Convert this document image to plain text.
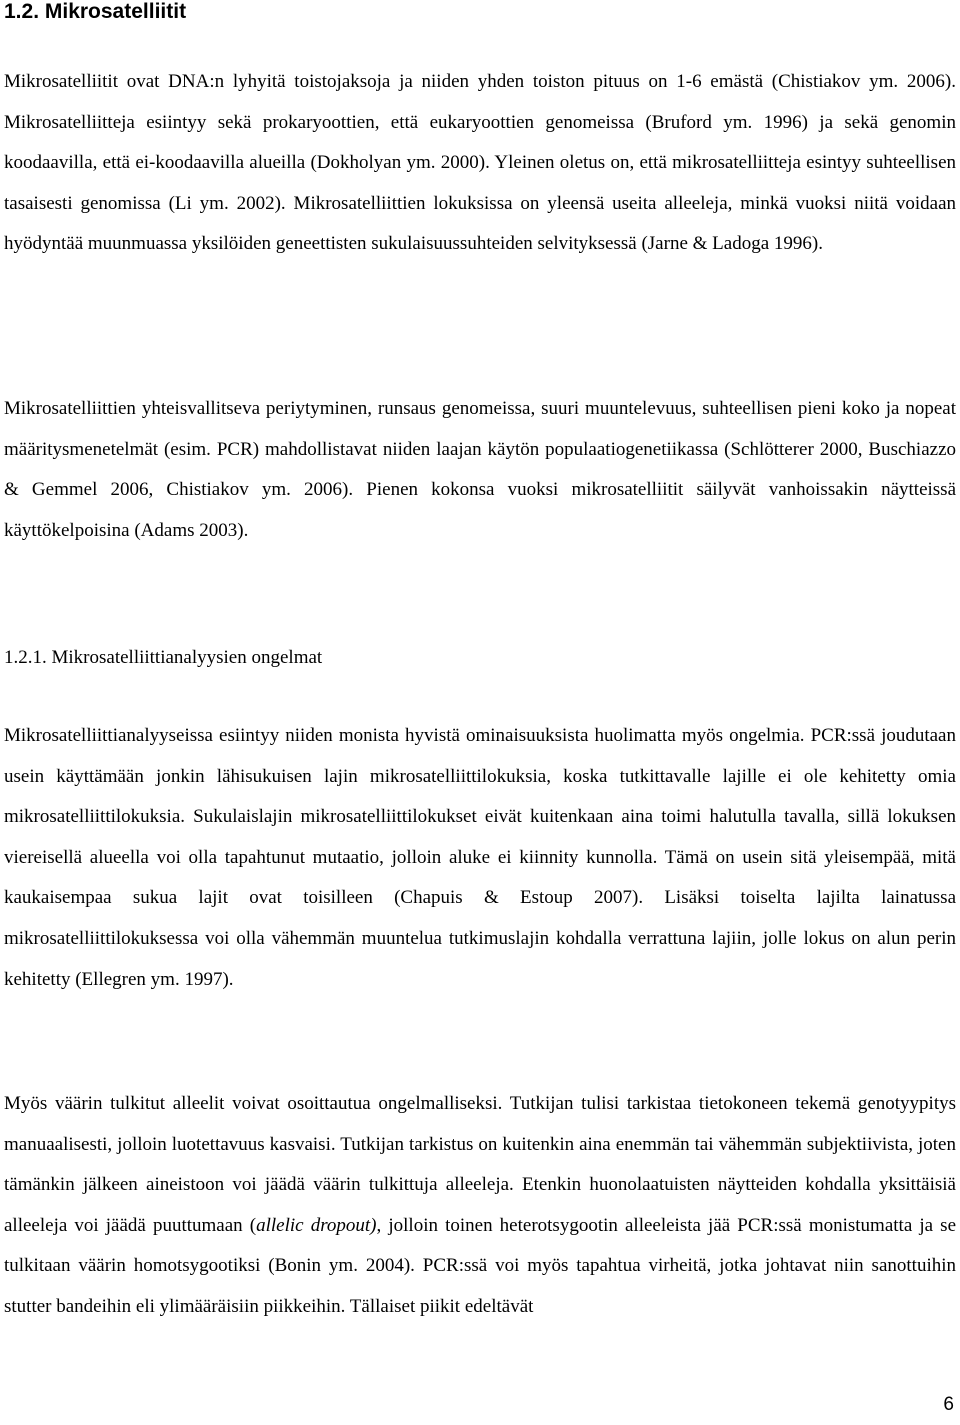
1.2. Mikrosatelliitit

Mikrosatelliitit ovat DNA:n lyhyitä toistojaksoja ja niiden yhden toiston pituus on 1-6 emästä (Chistiakov ym. 2006). Mikrosatelliitteja esiintyy sekä prokaryoottien, että eukaryoottien genomeissa (Bruford ym. 1996) ja sekä genomin koodaavilla, että ei-koodaavilla alueilla (Dokholyan ym. 2000). Yleinen oletus on, että mikrosatelliitteja esintyy suhteellisen tasaisesti genomissa (Li ym. 2002). Mikrosatelliittien lokuksissa on yleensä useita alleeleja, minkä vuoksi niitä voidaan hyödyntää muunmuassa yksilöiden geneettisten sukulaisuussuhteiden selvityksessä (Jarne & Ladoga 1996).

Mikrosatelliittien yhteisvallitseva periytyminen, runsaus genomeissa, suuri muuntelevuus, suhteellisen pieni koko ja nopeat määritysmenetelmät (esim. PCR) mahdollistavat niiden laajan käytön populaatiogenetiikassa (Schlötterer 2000, Buschiazzo & Gemmel 2006, Chistiakov ym. 2006). Pienen kokonsa vuoksi mikrosatelliitit säilyvät vanhoissakin näytteissä käyttökelpoisina (Adams 2003).

1.2.1. Mikrosatelliittianalyysien ongelmat

Mikrosatelliittianalyyseissa esiintyy niiden monista hyvistä ominaisuuksista huolimatta myös ongelmia. PCR:ssä joudutaan usein käyttämään jonkin lähisukuisen lajin mikrosatelliittilokuksia, koska tutkittavalle lajille ei ole kehitetty omia mikrosatelliittilokuksia. Sukulaislajin mikrosatelliittilokukset eivät kuitenkaan aina toimi halutulla tavalla, sillä lokuksen viereisellä alueella voi olla tapahtunut mutaatio, jolloin aluke ei kiinnity kunnolla. Tämä on usein sitä yleisempää, mitä kaukaisempaa sukua lajit ovat toisilleen (Chapuis & Estoup 2007). Lisäksi toiselta lajilta lainatussa mikrosatelliittilokuksessa voi olla vähemmän muuntelua tutkimuslajin kohdalla verrattuna lajiin, jolle lokus on alun perin kehitetty (Ellegren ym. 1997).

Myös väärin tulkitut alleelit voivat osoittautua ongelmalliseksi. Tutkijan tulisi tarkistaa tietokoneen tekemä genotyypitys manuaalisesti, jolloin luotettavuus kasvaisi. Tutkijan tarkistus on kuitenkin aina enemmän tai vähemmän subjektiivista, joten tämänkin jälkeen aineistoon voi jäädä väärin tulkittuja alleeleja. Etenkin huonolaatuisten näytteiden kohdalla yksittäisiä alleeleja voi jäädä puuttumaan (allelic dropout), jolloin toinen heterotsygootin alleeleista jää PCR:ssä monistumatta ja se tulkitaan väärin homotsygootiksi (Bonin ym. 2004). PCR:ssä voi myös tapahtua virheitä, jotka johtavat niin sanottuihin stutter bandeihin eli ylimääräisiin piikkeihin. Tällaiset piikit edeltävät

6
